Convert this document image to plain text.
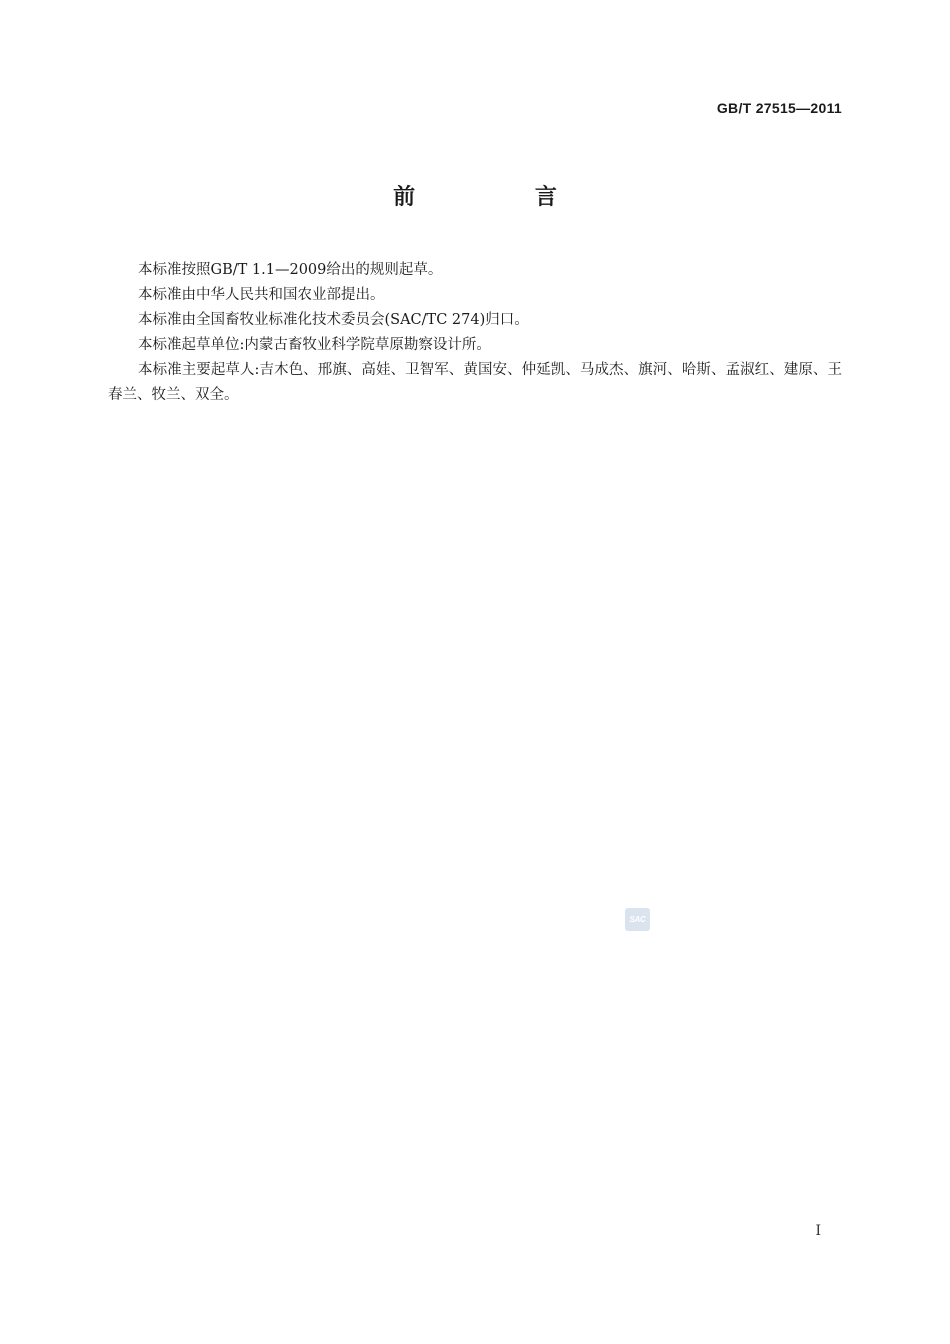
GB/T 27515—2011
前 言

本标准按照GB/T 1.1—2009给出的规则起草。

本标准由中华人民共和国农业部提出。

本标准由全国畜牧业标准化技术委员会(SAC/TC 274)归口。

本标准起草单位:内蒙古畜牧业科学院草原勘察设计所。

本标准主要起草人:吉木色、邢旗、高娃、卫智军、黄国安、仲延凯、马成杰、旗河、哈斯、孟淑红、建原、王春兰、牧兰、双全。

SAC
I
